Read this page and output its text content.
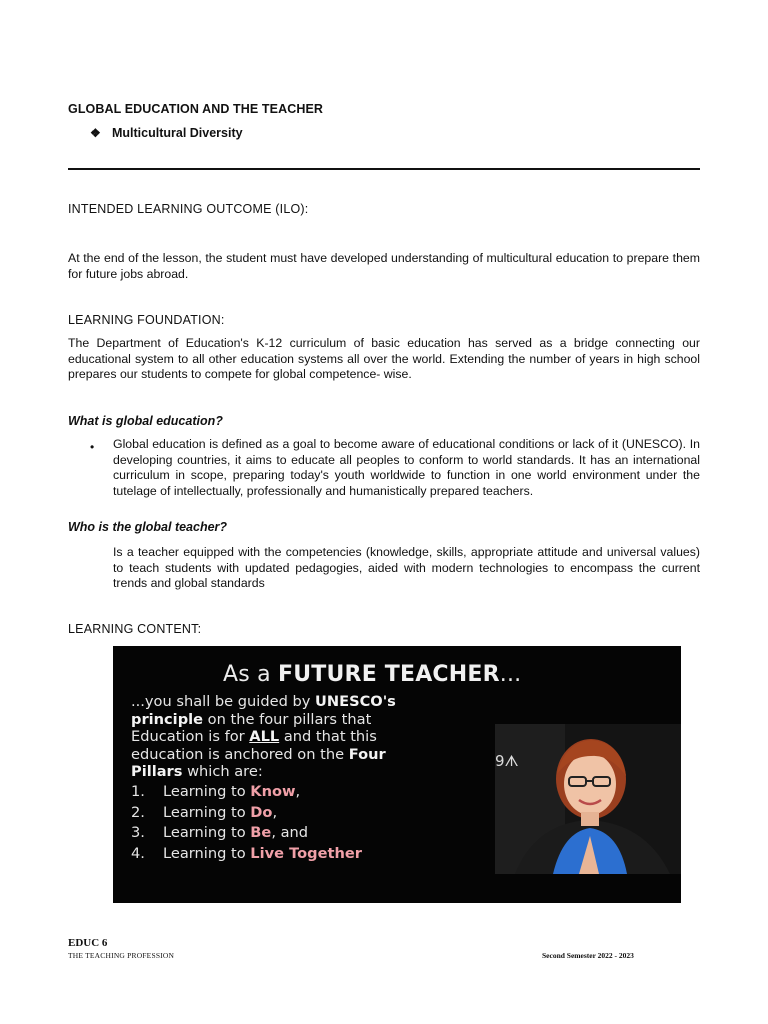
GLOBAL EDUCATION AND THE TEACHER
❖ Multicultural Diversity
INTENDED LEARNING OUTCOME (ILO):
At the end of the lesson, the student must have developed understanding of multicultural education to prepare them for future jobs abroad.
LEARNING FOUNDATION:
The Department of Education's K-12 curriculum of basic education has served as a bridge connecting our educational system to all other education systems all over the world. Extending the number of years in high school prepares our students to compete for global competence- wise.
What is global education?
• Global education is defined as a goal to become aware of educational conditions or lack of it (UNESCO). In developing countries, it aims to educate all peoples to conform to world standards. It has an international curriculum in scope, preparing today's youth worldwide to function in one world environment under the tutelage of intellectually, professionally and humanistically prepared teachers.
Who is the global teacher?
Is a teacher equipped with the competencies (knowledge, skills, appropriate attitude and universal values) to teach students with updated pedagogies, aided with modern technologies to encompass the current trends and global standards
LEARNING CONTENT:
As a FUTURE TEACHER...
...you shall be guided by UNESCO's
principle on the four pillars that
Education is for ALL and that this
education is anchored on the Four
Pillars which are:
1. Learning to Know,
2. Learning to Do,
3. Learning to Be, and
4. Learning to Live Together
9ᗑ
EDUC 6
THE TEACHING PROFESSION	Second Semester 2022 - 2023
